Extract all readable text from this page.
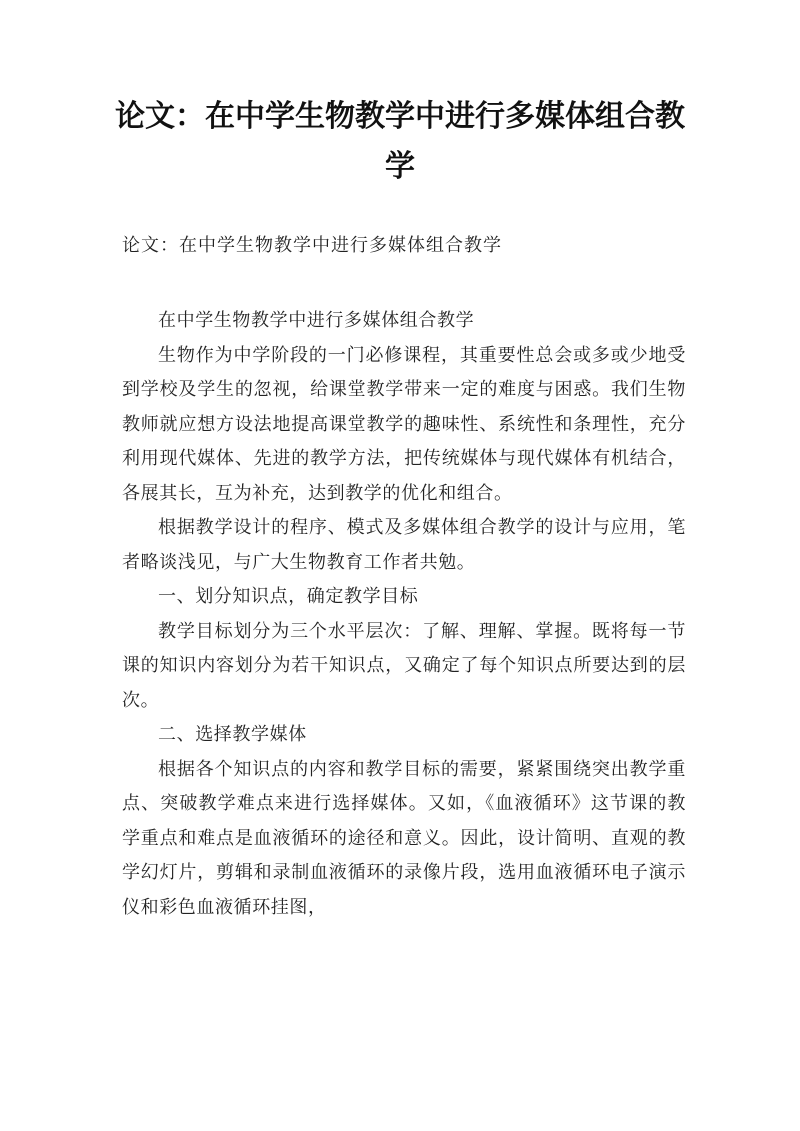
论文：在中学生物教学中进行多媒体组合教学

论文：在中学生物教学中进行多媒体组合教学

在中学生物教学中进行多媒体组合教学

生物作为中学阶段的一门必修课程，其重要性总会或多或少地受到学校及学生的忽视，给课堂教学带来一定的难度与困惑。我们生物教师就应想方设法地提高课堂教学的趣味性、系统性和条理性，充分利用现代媒体、先进的教学方法，把传统媒体与现代媒体有机结合，各展其长，互为补充，达到教学的优化和组合。

根据教学设计的程序、模式及多媒体组合教学的设计与应用，笔者略谈浅见，与广大生物教育工作者共勉。

一、划分知识点，确定教学目标

教学目标划分为三个水平层次：了解、理解、掌握。既将每一节课的知识内容划分为若干知识点，又确定了每个知识点所要达到的层次。

二、选择教学媒体

根据各个知识点的内容和教学目标的需要，紧紧围绕突出教学重点、突破教学难点来进行选择媒体。又如，《血液循环》这节课的教学重点和难点是血液循环的途径和意义。因此，设计简明、直观的教学幻灯片，剪辑和录制血液循环的录像片段，选用血液循环电子演示仪和彩色血液循环挂图，
